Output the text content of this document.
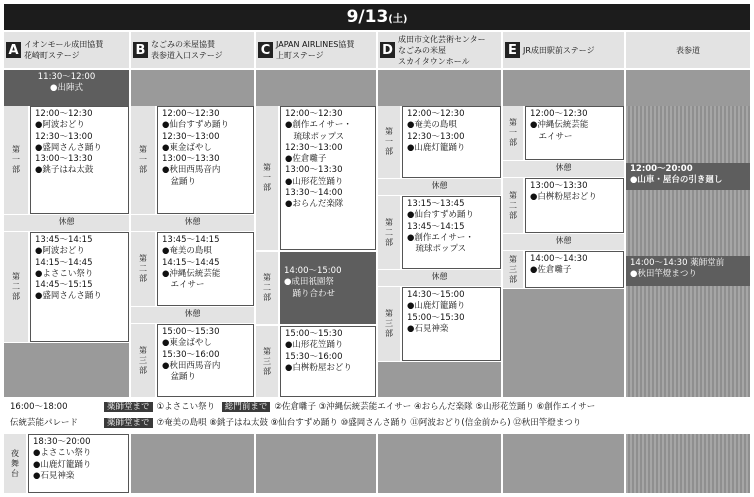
9/13(土)
A イオンモール成田協賛
花崎町ステージ	B なごみの米屋協賛
表参道入口ステージ	C JAPAN AIRLINES協賛
上町ステージ	D
成田市文化芸術センター
なごみの米屋
スカイタウンホール
E JR成田駅前ステージ	表参道
11:30～12:00
●出陣式
第
一
部
12:00～12:30
●阿波おどり
12:30～13:00
●盛岡さんさ踊り
13:00～13:30
●銚子はね太鼓
休憩
第
二
部
13:45～14:15
●阿波おどり
14:15～14:45
●よさこい祭り
14:45～15:15
●盛岡さんさ踊り
第
一
部
12:00～12:30
●仙台すずめ踊り
12:30～13:00
●東金ばやし
13:00～13:30
●秋田西馬音内
　盆踊り
休憩
第
二
部
13:45～14:15
●奄美の島唄
14:15～14:45
●沖縄伝統芸能
　エイサー
休憩
第
三
部
15:00～15:30
●東金ばやし
15:30～16:00
●秋田西馬音内
　盆踊り
第
一
部
12:00～12:30
●創作エイサー・
　琉球ポップス
12:30～13:00
●佐倉囃子
13:00～13:30
●山形花笠踊り
13:30～14:00
●おらんだ楽隊
第
二
部
14:00～15:00
●成田祇園祭
　踊り合わせ
第
三
部
15:00～15:30
●山形花笠踊り
15:30～16:00
●白桝粉屋おどり
第
一
部
12:00～12:30
●奄美の島唄
12:30～13:00
●山鹿灯籠踊り
休憩
第
二
部
13:15～13:45
●仙台すずめ踊り
13:45～14:15
●創作エイサー・
　琉球ポップス
休憩
第
三
部
14:30～15:00
●山鹿灯籠踊り
15:00～15:30
●石見神楽
第
一
部
12:00～12:30
●沖縄伝統芸能
　エイサー
休憩
第
二
部
13:00～13:30
●白桝粉屋おどり
休憩
第
三
部
14:00～14:30
●佐倉囃子
12:00～20:00
●山車・屋台の引き廻し
14:00～14:30 薬師堂前
●秋田竿燈まつり
16:00～18:00	薬師堂まで ①よさこい祭り 総門前まで ②佐倉囃子 ③沖縄伝統芸能エイサー ④おらんだ楽隊 ⑤山形花笠踊り ⑥創作エイサー
伝統芸能パレード	薬師堂まで ⑦奄美の島唄 ⑧銚子はね太鼓 ⑨仙台すずめ踊り ⑩盛岡さんさ踊り ⑪阿波おどり(信金前から) ⑫秋田竿燈まつり
夜
舞
台
18:30～20:00
●よさこい祭り
●山鹿灯籠踊り
●石見神楽
